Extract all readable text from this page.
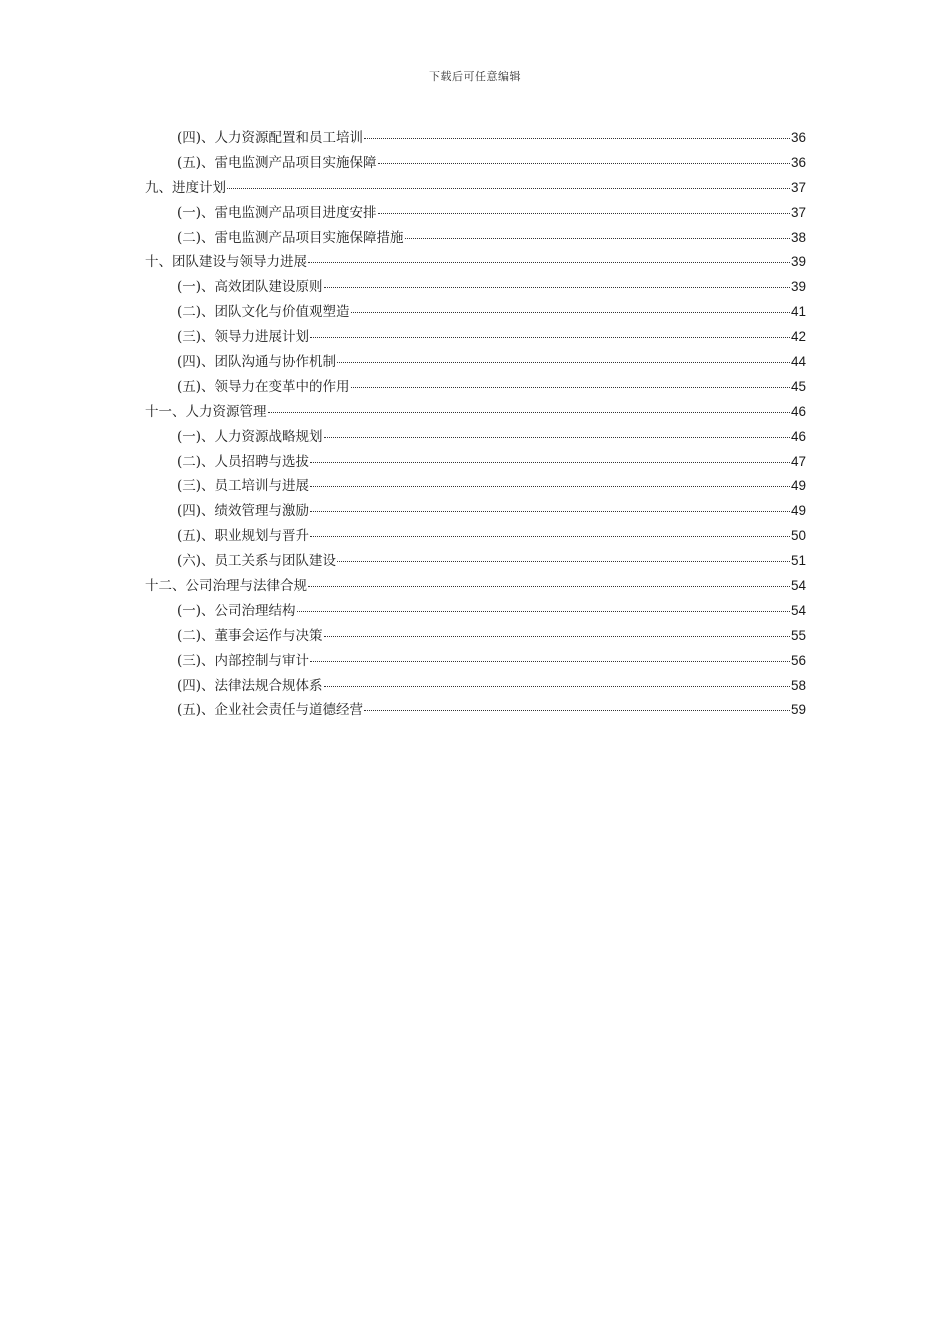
下载后可任意编辑
(四)、人力资源配置和员工培训	36
(五)、雷电监测产品项目实施保障	36
九、进度计划	37
(一)、雷电监测产品项目进度安排	37
(二)、雷电监测产品项目实施保障措施	38
十、团队建设与领导力进展	39
(一)、高效团队建设原则	39
(二)、团队文化与价值观塑造	41
(三)、领导力进展计划	42
(四)、团队沟通与协作机制	44
(五)、领导力在变革中的作用	45
十一、人力资源管理	46
(一)、人力资源战略规划	46
(二)、人员招聘与选拔	47
(三)、员工培训与进展	49
(四)、绩效管理与激励	49
(五)、职业规划与晋升	50
(六)、员工关系与团队建设	51
十二、公司治理与法律合规	54
(一)、公司治理结构	54
(二)、董事会运作与决策	55
(三)、内部控制与审计	56
(四)、法律法规合规体系	58
(五)、企业社会责任与道德经营	59
